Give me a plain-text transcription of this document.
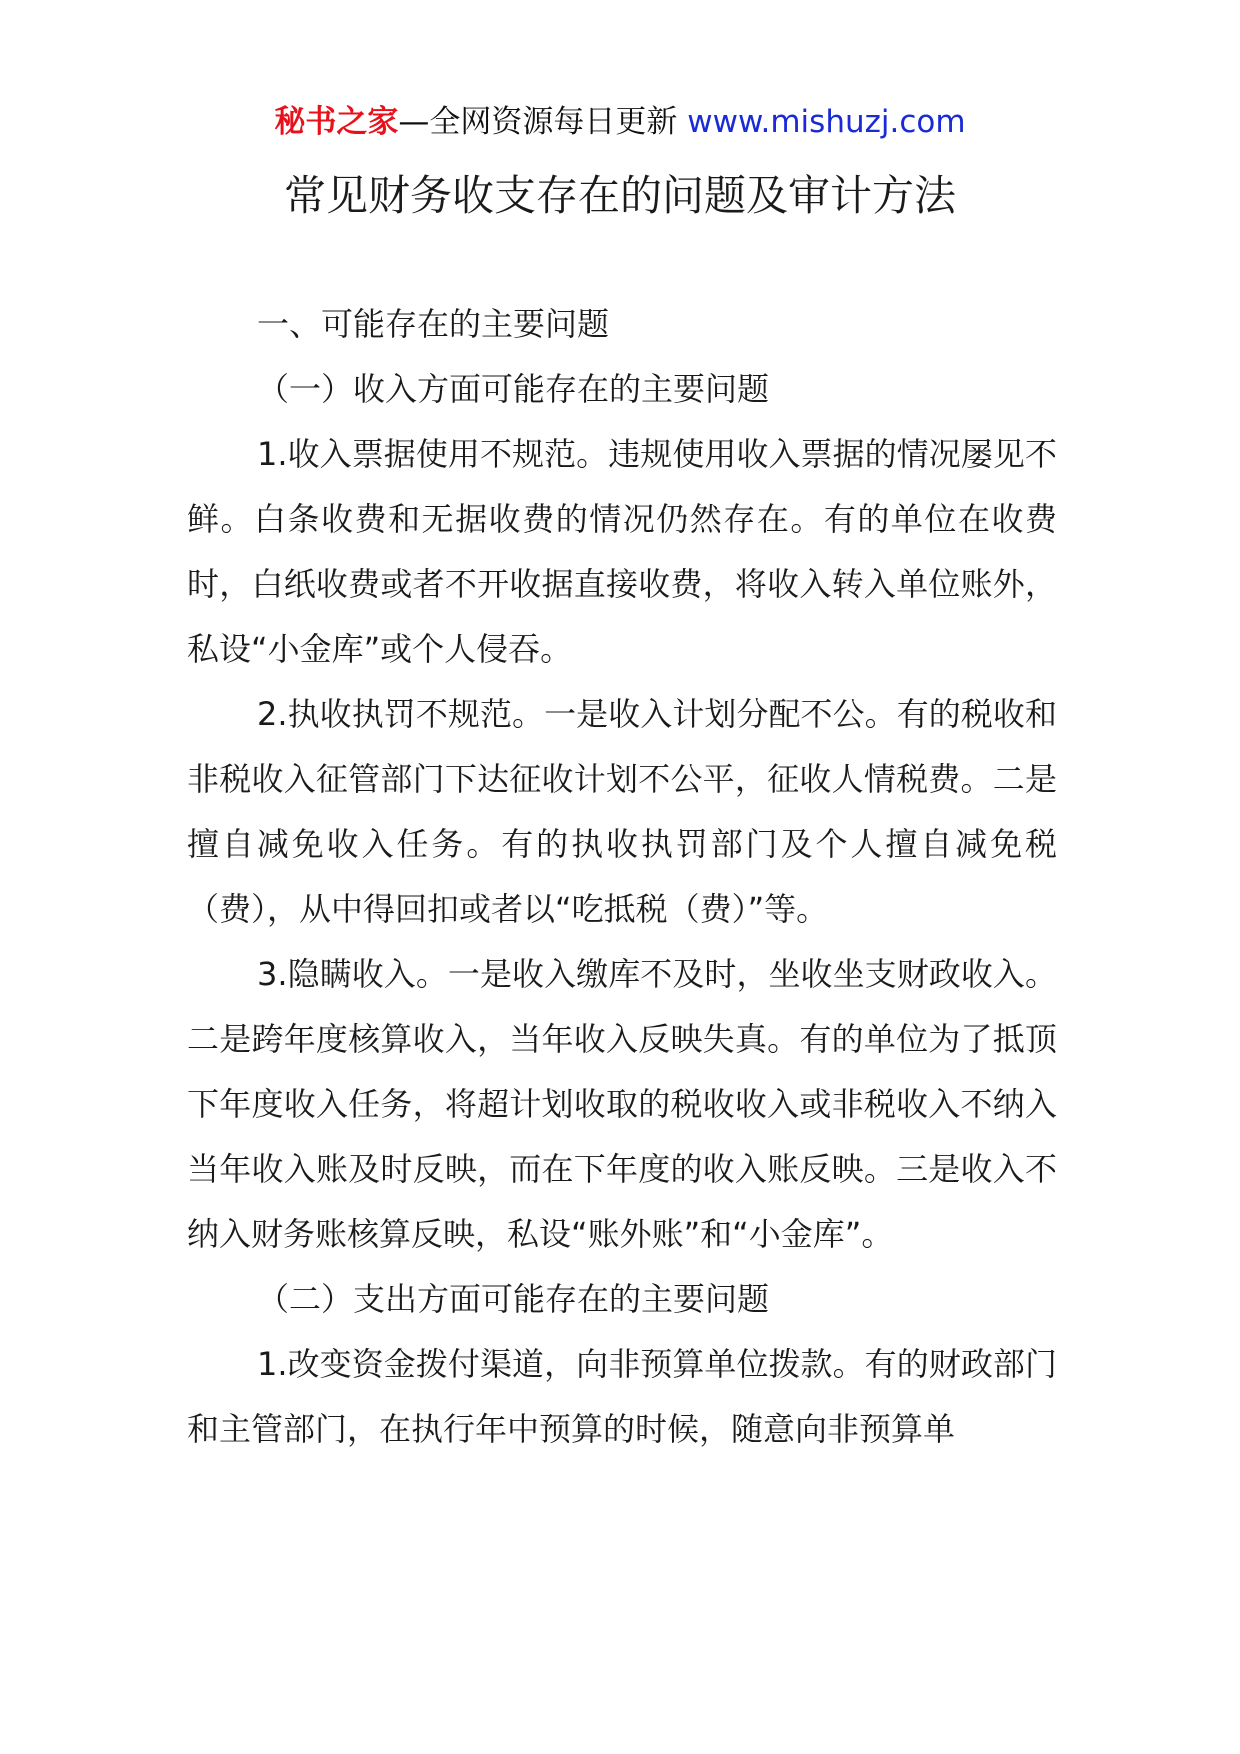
秘书之家—全网资源每日更新 www.mishuzj.com
常见财务收支存在的问题及审计方法

一、可能存在的主要问题

（一）收入方面可能存在的主要问题

1.收入票据使用不规范。违规使用收入票据的情况屡见不鲜。白条收费和无据收费的情况仍然存在。有的单位在收费时，白纸收费或者不开收据直接收费，将收入转入单位账外，私设“小金库”或个人侵吞。

2.执收执罚不规范。一是收入计划分配不公。有的税收和非税收入征管部门下达征收计划不公平，征收人情税费。二是擅自减免收入任务。有的执收执罚部门及个人擅自减免税（费），从中得回扣或者以“吃抵税（费）”等。

3.隐瞒收入。一是收入缴库不及时，坐收坐支财政收入。二是跨年度核算收入，当年收入反映失真。有的单位为了抵顶下年度收入任务，将超计划收取的税收收入或非税收入不纳入当年收入账及时反映，而在下年度的收入账反映。三是收入不纳入财务账核算反映，私设“账外账”和“小金库”。

（二）支出方面可能存在的主要问题

1.改变资金拨付渠道，向非预算单位拨款。有的财政部门和主管部门，在执行年中预算的时候，随意向非预算单
